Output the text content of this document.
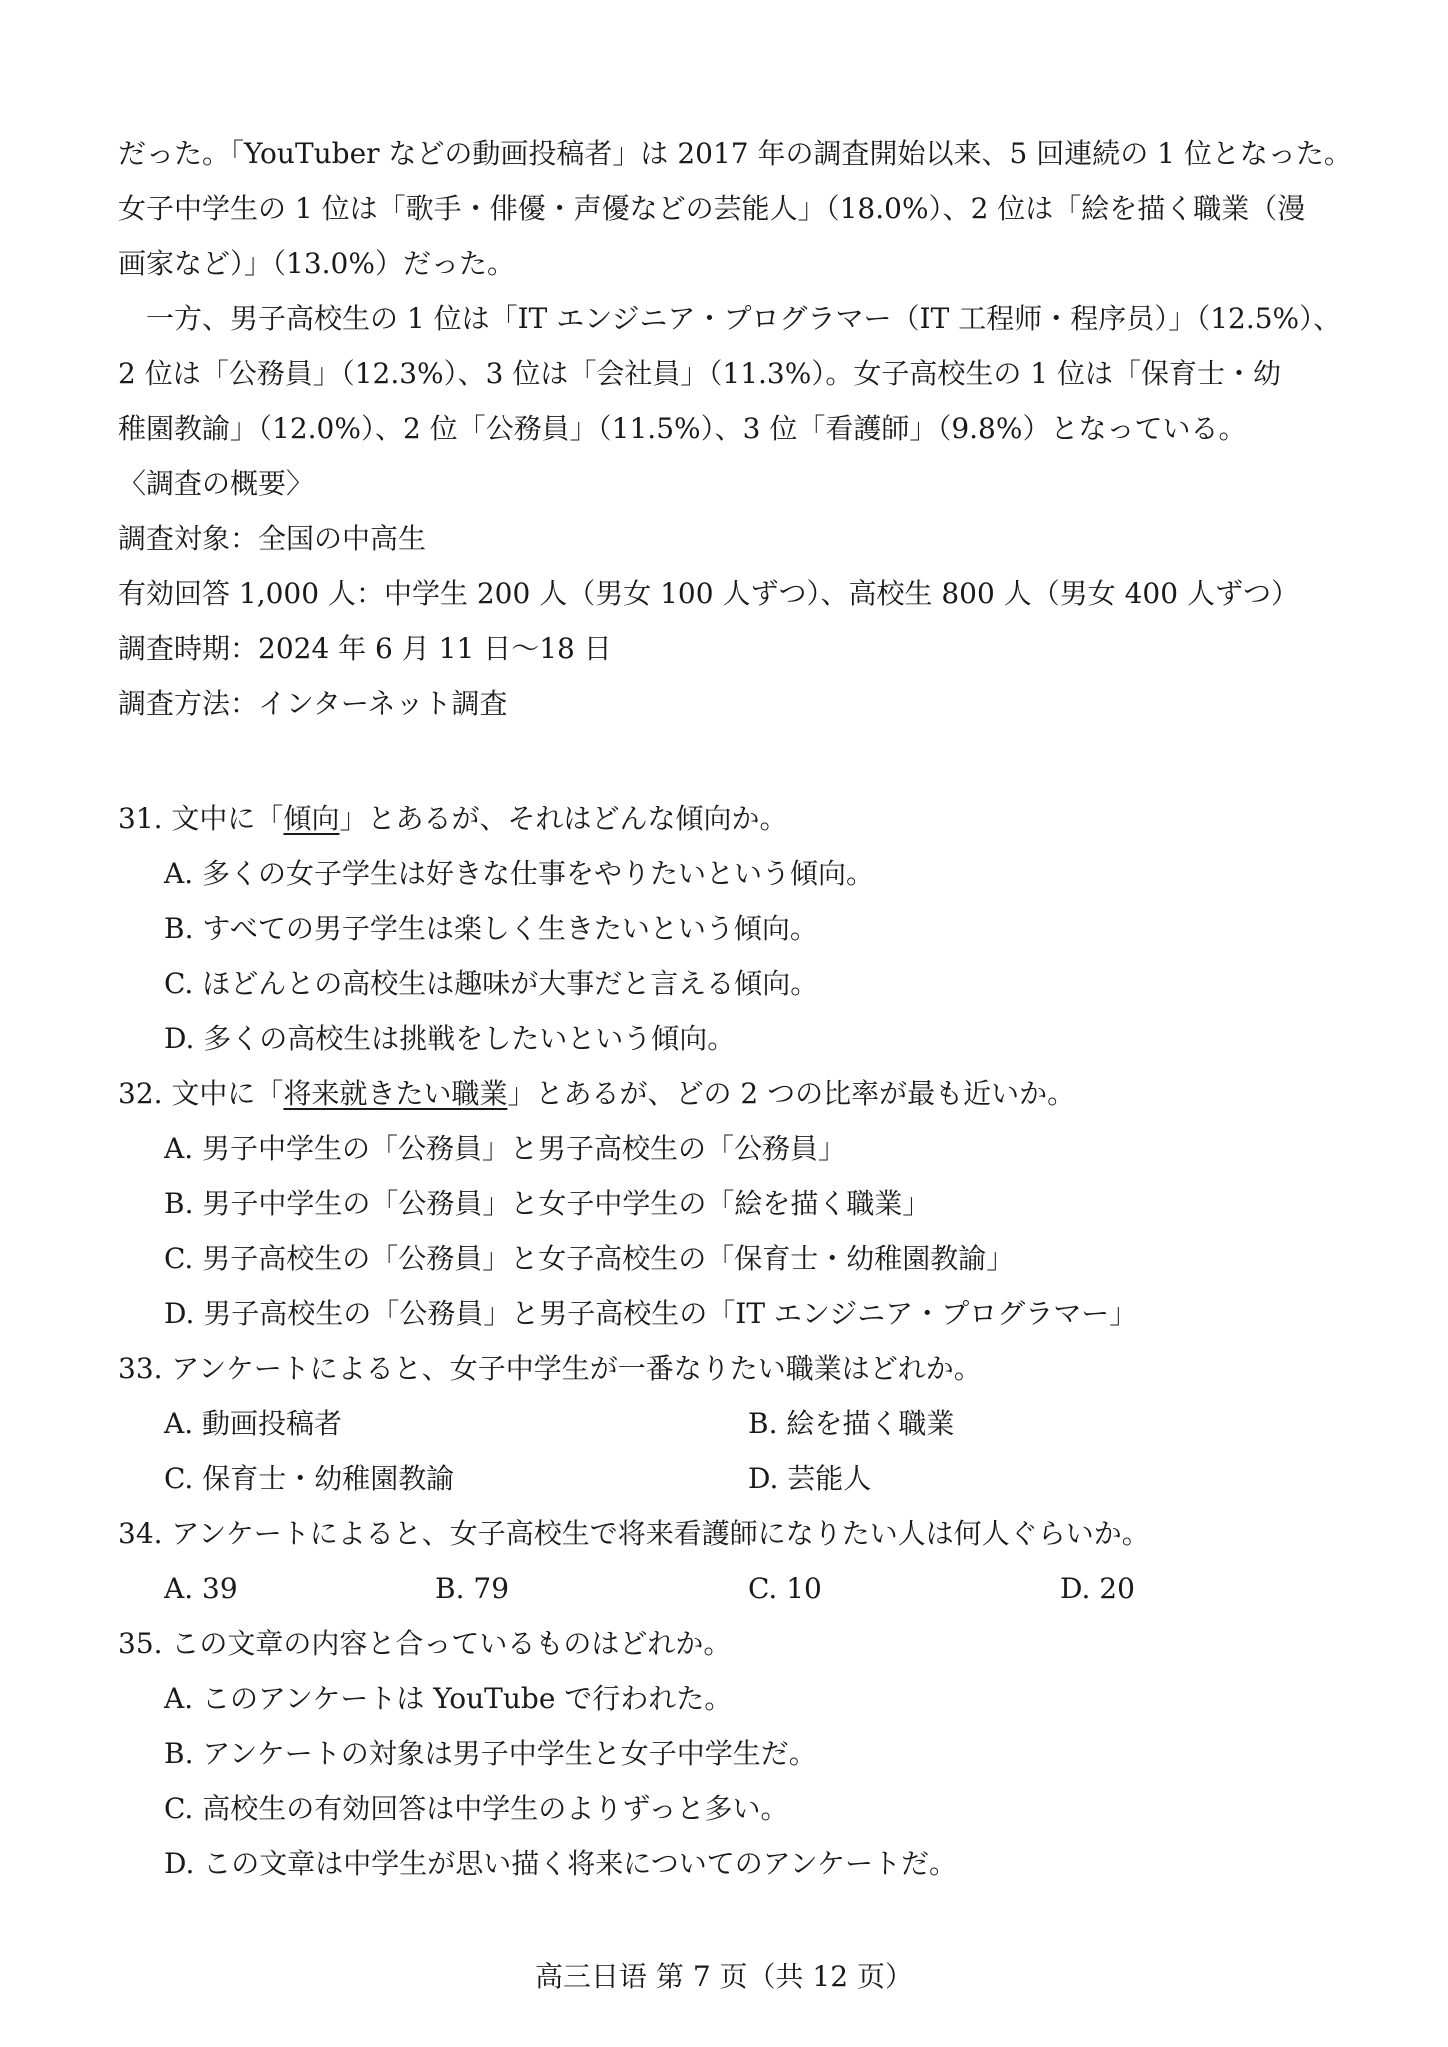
だった。「YouTuber などの動画投稿者」は 2017 年の調査開始以来、5 回連続の 1 位となった。

女子中学生の 1 位は「歌手・俳優・声優などの芸能人」（18.0%）、2 位は「絵を描く職業（漫

画家など）」（13.0%）だった。

一方、男子高校生の 1 位は「IT エンジニア・プログラマー（IT 工程师・程序员）」（12.5%）、

2 位は「公務員」（12.3%）、3 位は「会社員」（11.3%）。女子高校生の 1 位は「保育士・幼

稚園教諭」（12.0%）、2 位「公務員」（11.5%）、3 位「看護師」（9.8%）となっている。

〈調査の概要〉

調査対象：全国の中高生

有効回答 1,000 人：中学生 200 人（男女 100 人ずつ）、高校生 800 人（男女 400 人ずつ）

調査時期：2024 年 6 月 11 日～18 日

調査方法：インターネット調査

31. 文中に「傾向」とあるが、それはどんな傾向か。

A. 多くの女子学生は好きな仕事をやりたいという傾向。

B. すべての男子学生は楽しく生きたいという傾向。

C. ほどんとの高校生は趣味が大事だと言える傾向。

D. 多くの高校生は挑戦をしたいという傾向。

32. 文中に「将来就きたい職業」とあるが、どの 2 つの比率が最も近いか。

A. 男子中学生の「公務員」と男子高校生の「公務員」

B. 男子中学生の「公務員」と女子中学生の「絵を描く職業」

C. 男子高校生の「公務員」と女子高校生の「保育士・幼稚園教諭」

D. 男子高校生の「公務員」と男子高校生の「IT エンジニア・プログラマー」

33. アンケートによると、女子中学生が一番なりたい職業はどれか。

A. 動画投稿者	B. 絵を描く職業

C. 保育士・幼稚園教諭	D. 芸能人

34. アンケートによると、女子高校生で将来看護師になりたい人は何人ぐらいか。

A. 39	B. 79	C. 10	D. 20

35. この文章の内容と合っているものはどれか。

A. このアンケートは YouTube で行われた。

B. アンケートの対象は男子中学生と女子中学生だ。

C. 高校生の有効回答は中学生のよりずっと多い。

D. この文章は中学生が思い描く将来についてのアンケートだ。

高三日语 第 7 页（共 12 页）
